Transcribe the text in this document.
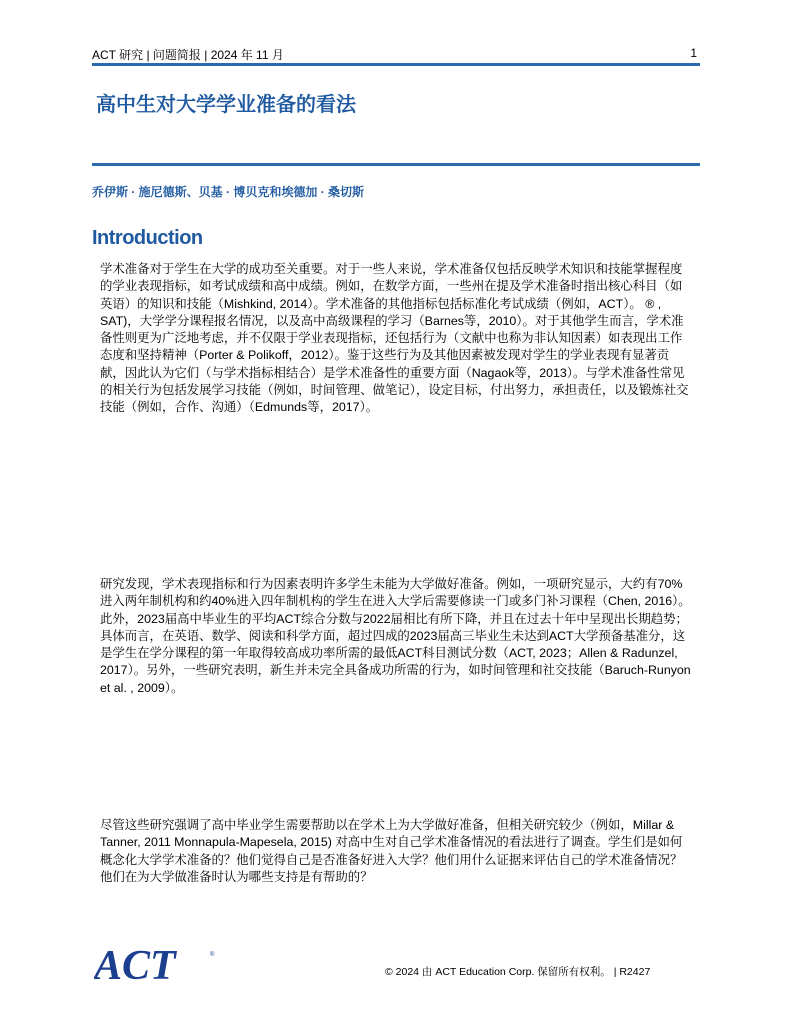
ACT 研究 | 问题简报 | 2024 年 11 月	1
高中生对大学学业准备的看法
乔伊斯 · 施尼德斯、贝基 · 博贝克和埃德加 · 桑切斯
Introduction

学术准备对于学生在大学的成功至关重要。对于一些人来说，学术准备仅包括反映学术知识和技能掌握程度的学业表现指标，如考试成绩和高中成绩。例如，在数学方面，一些州在提及学术准备时指出核心科目（如英语）的知识和技能（Mishkind, 2014）。学术准备的其他指标包括标准化考试成绩（例如，ACT）。 ® , SAT)，大学学分课程报名情况，以及高中高级课程的学习（Barnes等，2010）。对于其他学生而言，学术准备性则更为广泛地考虑，并不仅限于学业表现指标，还包括行为（文献中也称为非认知因素）如表现出工作态度和坚持精神（Porter & Polikoff，2012）。鉴于这些行为及其他因素被发现对学生的学业表现有显著贡献，因此认为它们（与学术指标相结合）是学术准备性的重要方面（Nagaok等，2013）。与学术准备性常见的相关行为包括发展学习技能（例如，时间管理、做笔记），设定目标，付出努力，承担责任，以及锻炼社交技能（例如，合作、沟通）（Edmunds等，2017）。

研究发现，学术表现指标和行为因素表明许多学生未能为大学做好准备。例如，一项研究显示，大约有70%进入两年制机构和约40%进入四年制机构的学生在进入大学后需要修读一门或多门补习课程（Chen, 2016）。此外，2023届高中毕业生的平均ACT综合分数与2022届相比有所下降，并且在过去十年中呈现出长期趋势；具体而言，在英语、数学、阅读和科学方面，超过四成的2023届高三毕业生未达到ACT大学预备基准分，这是学生在学分课程的第一年取得较高成功率所需的最低ACT科目测试分数（ACT, 2023；Allen & Radunzel, 2017）。另外，一些研究表明，新生并未完全具备成功所需的行为，如时间管理和社交技能（Baruch-Runyon et al. , 2009）。

尽管这些研究强调了高中毕业学生需要帮助以在学术上为大学做好准备，但相关研究较少（例如，Millar & Tanner, 2011 Monnapula-Mapesela, 2015) 对高中生对自己学术准备情况的看法进行了调查。学生们是如何概念化大学学术准备的？他们觉得自己是否准备好进入大学？他们用什么证据来评估自己的学术准备情况？他们在为大学做准备时认为哪些支持是有帮助的？

ACT	®
© 2024 由 ACT Education Corp. 保留所有权利。 | R2427
